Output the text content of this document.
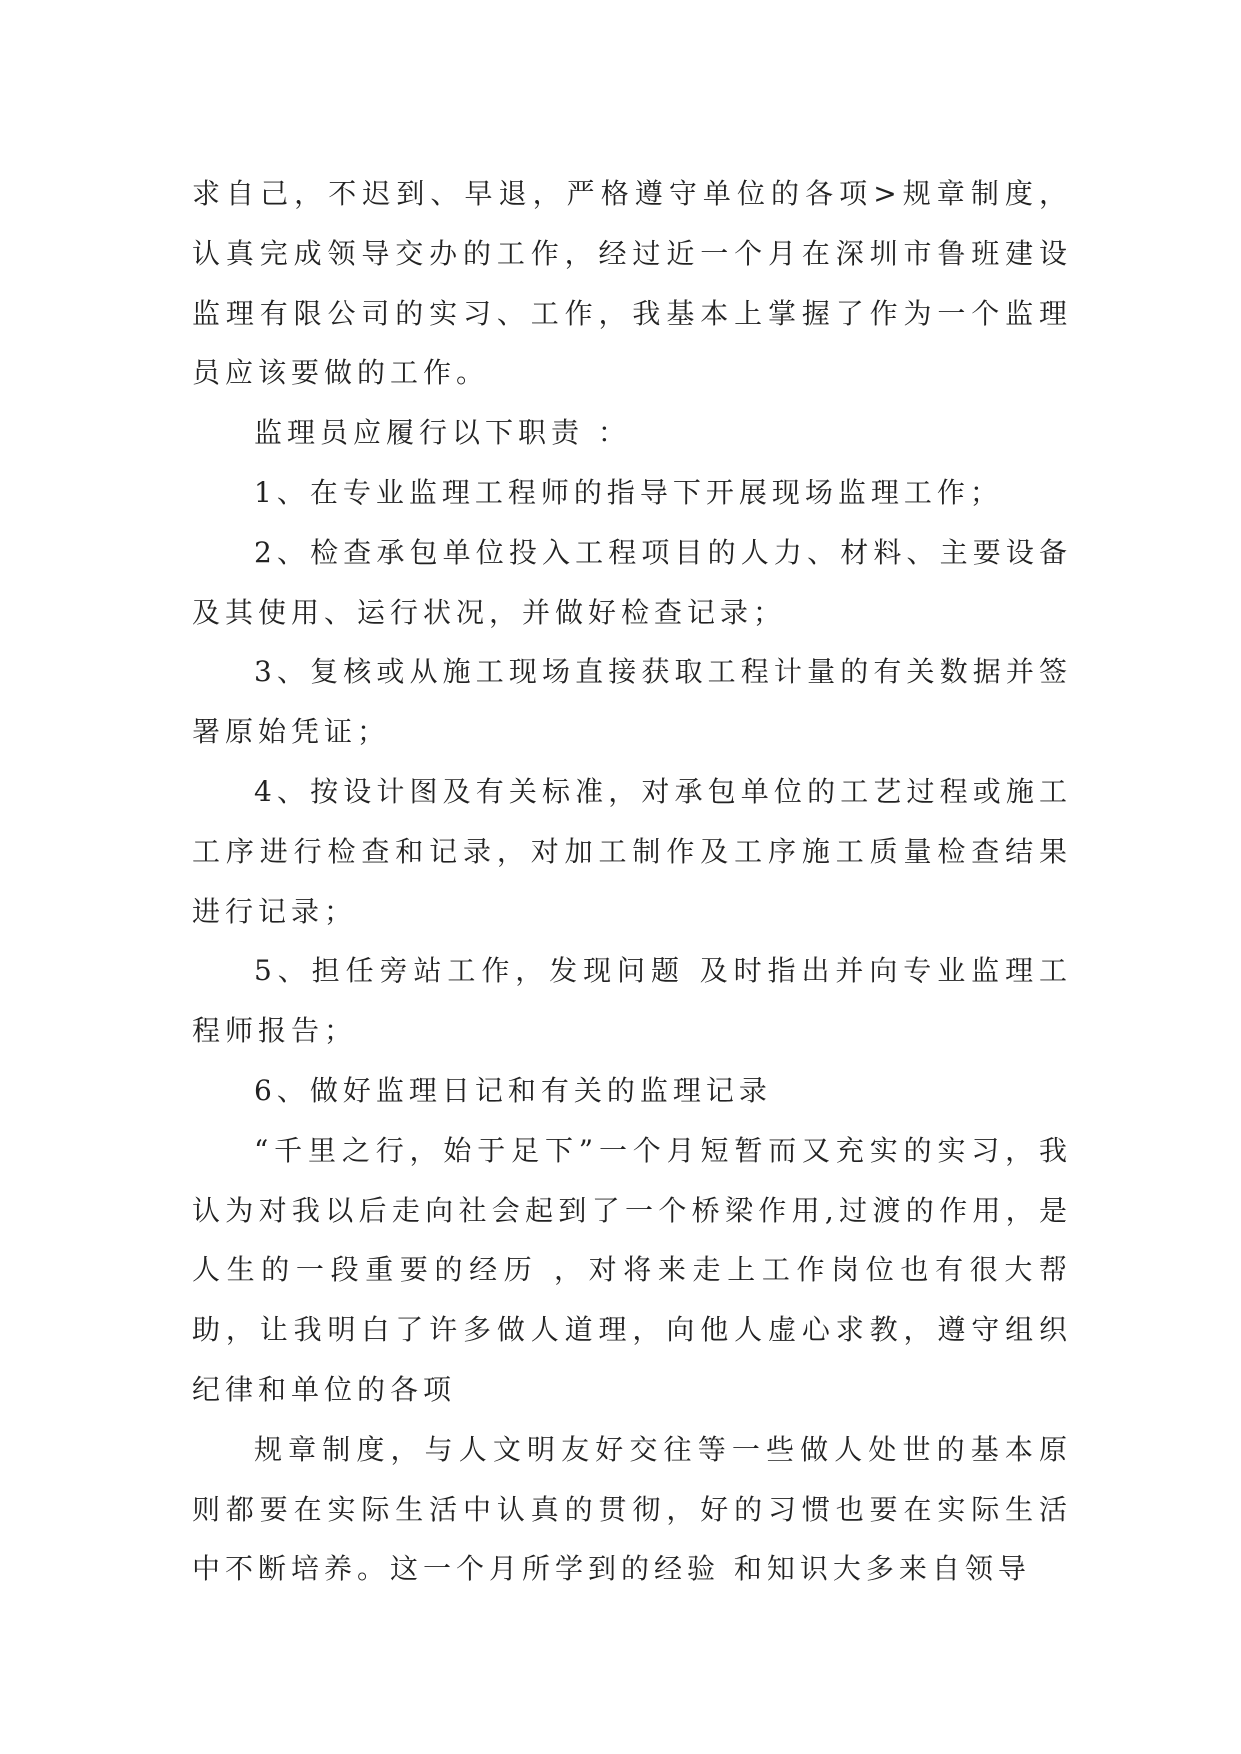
求自己，不迟到、早退，严格遵守单位的各项>规章制度，认真完成领导交办的工作，经过近一个月在深圳市鲁班建设监理有限公司的实习、工作，我基本上掌握了作为一个监理员应该要做的工作。

监理员应履行以下职责 ：

1、在专业监理工程师的指导下开展现场监理工作；

2、检查承包单位投入工程项目的人力、材料、主要设备及其使用、运行状况，并做好检查记录；

3、复核或从施工现场直接获取工程计量的有关数据并签署原始凭证；

4、按设计图及有关标准，对承包单位的工艺过程或施工工序进行检查和记录，对加工制作及工序施工质量检查结果进行记录；

5、担任旁站工作，发现问题 及时指出并向专业监理工程师报告；

6、做好监理日记和有关的监理记录

“千里之行，始于足下”一个月短暂而又充实的实习，我认为对我以后走向社会起到了一个桥梁作用,过渡的作用，是人生的一段重要的经历 ，对将来走上工作岗位也有很大帮助，让我明白了许多做人道理，向他人虚心求教，遵守组织纪律和单位的各项

规章制度，与人文明友好交往等一些做人处世的基本原则都要在实际生活中认真的贯彻，好的习惯也要在实际生活中不断培养。这一个月所学到的经验 和知识大多来自领导
